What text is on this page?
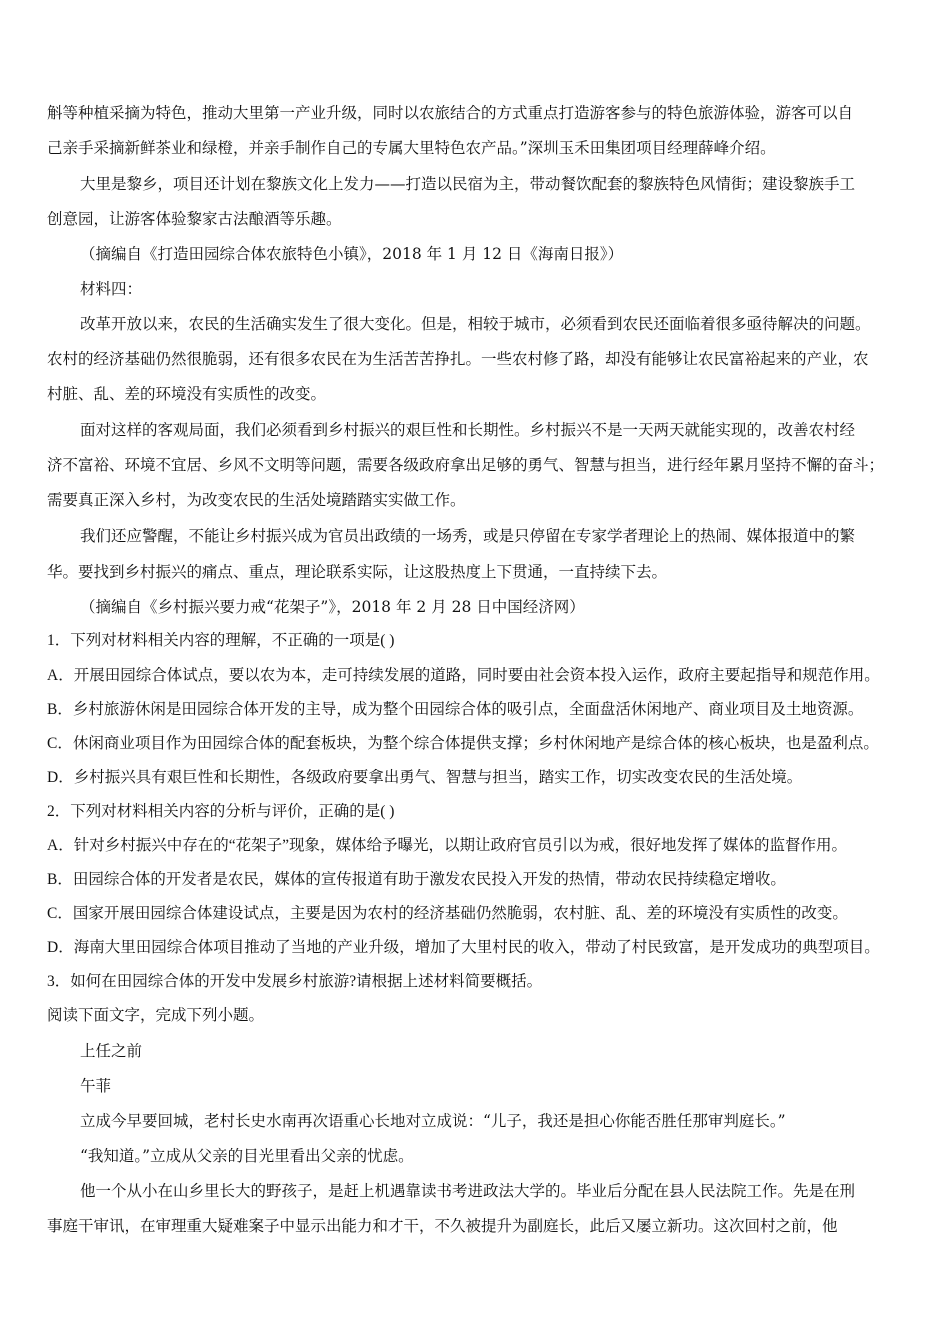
斛等种植采摘为特色，推动大里第一产业升级，同时以农旅结合的方式重点打造游客参与的特色旅游体验，游客可以自
己亲手采摘新鲜茶业和绿橙，并亲手制作自己的专属大里特色农产品。”深圳玉禾田集团项目经理薛峰介绍。
大里是黎乡，项目还计划在黎族文化上发力——打造以民宿为主，带动餐饮配套的黎族特色风情街；建设黎族手工
创意园，让游客体验黎家古法酿酒等乐趣。
（摘编自《打造田园综合体农旅特色小镇》，2018 年 1 月 12 日《海南日报》）
材料四：
改革开放以来，农民的生活确实发生了很大变化。但是，相较于城市，必须看到农民还面临着很多亟待解决的问题。
农村的经济基础仍然很脆弱，还有很多农民在为生活苦苦挣扎。一些农村修了路，却没有能够让农民富裕起来的产业，农
村脏、乱、差的环境没有实质性的改变。
面对这样的客观局面，我们必须看到乡村振兴的艰巨性和长期性。乡村振兴不是一天两天就能实现的，改善农村经
济不富裕、环境不宜居、乡风不文明等问题，需要各级政府拿出足够的勇气、智慧与担当，进行经年累月坚持不懈的奋斗；
需要真正深入乡村，为改变农民的生活处境踏踏实实做工作。
我们还应警醒，不能让乡村振兴成为官员出政绩的一场秀，或是只停留在专家学者理论上的热闹、媒体报道中的繁
华。要找到乡村振兴的痛点、重点，理论联系实际，让这股热度上下贯通，一直持续下去。
（摘编自《乡村振兴要力戒“花架子”》，2018 年 2 月 28 日中国经济网）
1．下列对材料相关内容的理解，不正确的一项是( )
A．开展田园综合体试点，要以农为本，走可持续发展的道路，同时要由社会资本投入运作，政府主要起指导和规范作用。
B．乡村旅游休闲是田园综合体开发的主导，成为整个田园综合体的吸引点，全面盘活休闲地产、商业项目及土地资源。
C．休闲商业项目作为田园综合体的配套板块，为整个综合体提供支撑；乡村休闲地产是综合体的核心板块，也是盈利点。
D．乡村振兴具有艰巨性和长期性，各级政府要拿出勇气、智慧与担当，踏实工作，切实改变农民的生活处境。
2．下列对材料相关内容的分析与评价，正确的是( )
A．针对乡村振兴中存在的“花架子”现象，媒体给予曝光，以期让政府官员引以为戒，很好地发挥了媒体的监督作用。
B．田园综合体的开发者是农民，媒体的宣传报道有助于激发农民投入开发的热情，带动农民持续稳定增收。
C．国家开展田园综合体建设试点，主要是因为农村的经济基础仍然脆弱，农村脏、乱、差的环境没有实质性的改变。
D．海南大里田园综合体项目推动了当地的产业升级，增加了大里村民的收入，带动了村民致富，是开发成功的典型项目。
3．如何在田园综合体的开发中发展乡村旅游?请根据上述材料简要概括。
阅读下面文字，完成下列小题。
上任之前
午菲
立成今早要回城，老村长史水南再次语重心长地对立成说：“儿子，我还是担心你能否胜任那审判庭长。”
“我知道。”立成从父亲的目光里看出父亲的忧虑。
他一个从小在山乡里长大的野孩子，是赶上机遇靠读书考进政法大学的。毕业后分配在县人民法院工作。先是在刑
事庭干审讯，在审理重大疑难案子中显示出能力和才干，不久被提升为副庭长，此后又屡立新功。这次回村之前，他
